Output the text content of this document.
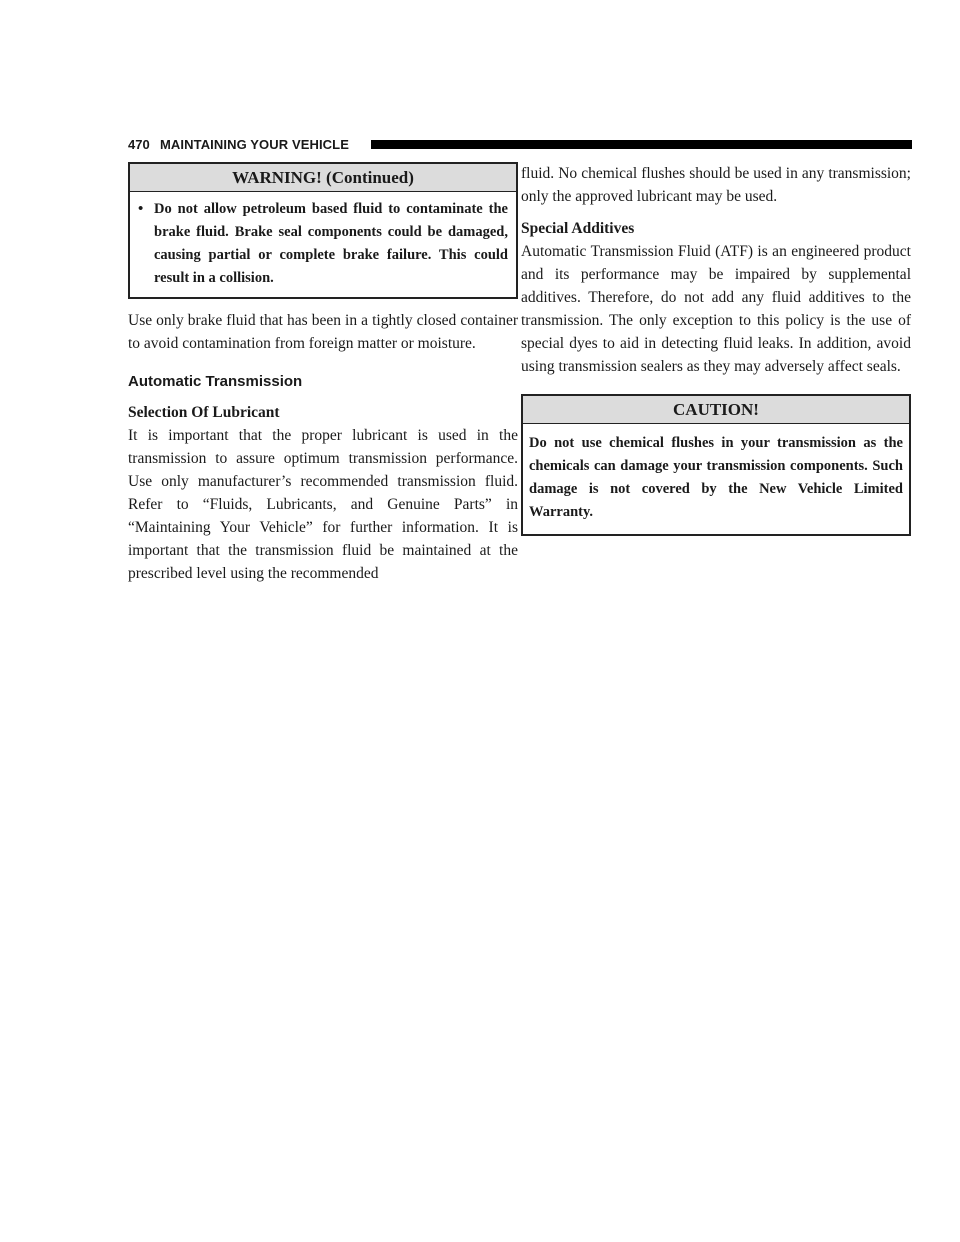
470 MAINTAINING YOUR VEHICLE
WARNING! (Continued)
• Do not allow petroleum based fluid to contaminate the brake fluid. Brake seal components could be damaged, causing partial or complete brake failure. This could result in a collision.

Use only brake fluid that has been in a tightly closed container to avoid contamination from foreign matter or moisture.

Automatic Transmission
Selection Of Lubricant

It is important that the proper lubricant is used in the transmission to assure optimum transmission performance. Use only manufacturer’s recommended transmission fluid. Refer to “Fluids, Lubricants, and Genuine Parts” in “Maintaining Your Vehicle” for further information. It is important that the transmission fluid be maintained at the prescribed level using the recommended

fluid. No chemical flushes should be used in any transmission; only the approved lubricant may be used.

Special Additives

Automatic Transmission Fluid (ATF) is an engineered product and its performance may be impaired by supplemental additives. Therefore, do not add any fluid additives to the transmission. The only exception to this policy is the use of special dyes to aid in detecting fluid leaks. In addition, avoid using transmission sealers as they may adversely affect seals.

CAUTION!
Do not use chemical flushes in your transmission as the chemicals can damage your transmission components. Such damage is not covered by the New Vehicle Limited Warranty.
